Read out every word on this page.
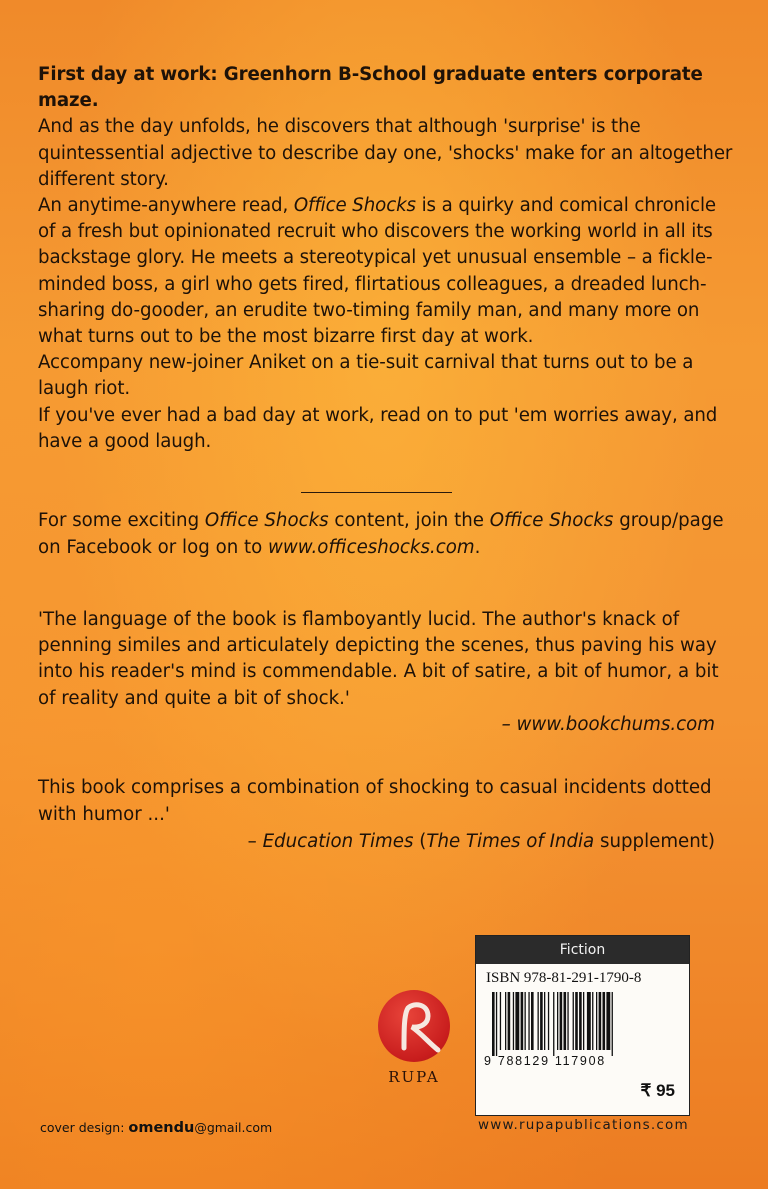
First day at work: Greenhorn B-School graduate enters corporate maze.

And as the day unfolds, he discovers that although 'surprise' is the quintessential adjective to describe day one, 'shocks' make for an altogether different story.

An anytime-anywhere read, Office Shocks is a quirky and comical chronicle of a fresh but opinionated recruit who discovers the working world in all its backstage glory. He meets a stereotypical yet unusual ensemble – a fickle-minded boss, a girl who gets fired, flirtatious colleagues, a dreaded lunch-sharing do-gooder, an erudite two-timing family man, and many more on what turns out to be the most bizarre first day at work.

Accompany new-joiner Aniket on a tie-suit carnival that turns out to be a laugh riot.

If you've ever had a bad day at work, read on to put 'em worries away, and have a good laugh.

For some exciting Office Shocks content, join the Office Shocks group/page on Facebook or log on to www.officeshocks.com.

'The language of the book is flamboyantly lucid. The author's knack of penning similes and articulately depicting the scenes, thus paving his way into his reader's mind is commendable. A bit of satire, a bit of humor, a bit of reality and quite a bit of shock.'

– www.bookchums.com

This book comprises a combination of shocking to casual incidents dotted with humor ...'

– Education Times (The Times of India supplement)

RUPA
Fiction
ISBN 978-81-291-1790-8
9 788129 117908
₹ 95
cover design: omendu@gmail.com	www.rupapublications.com
